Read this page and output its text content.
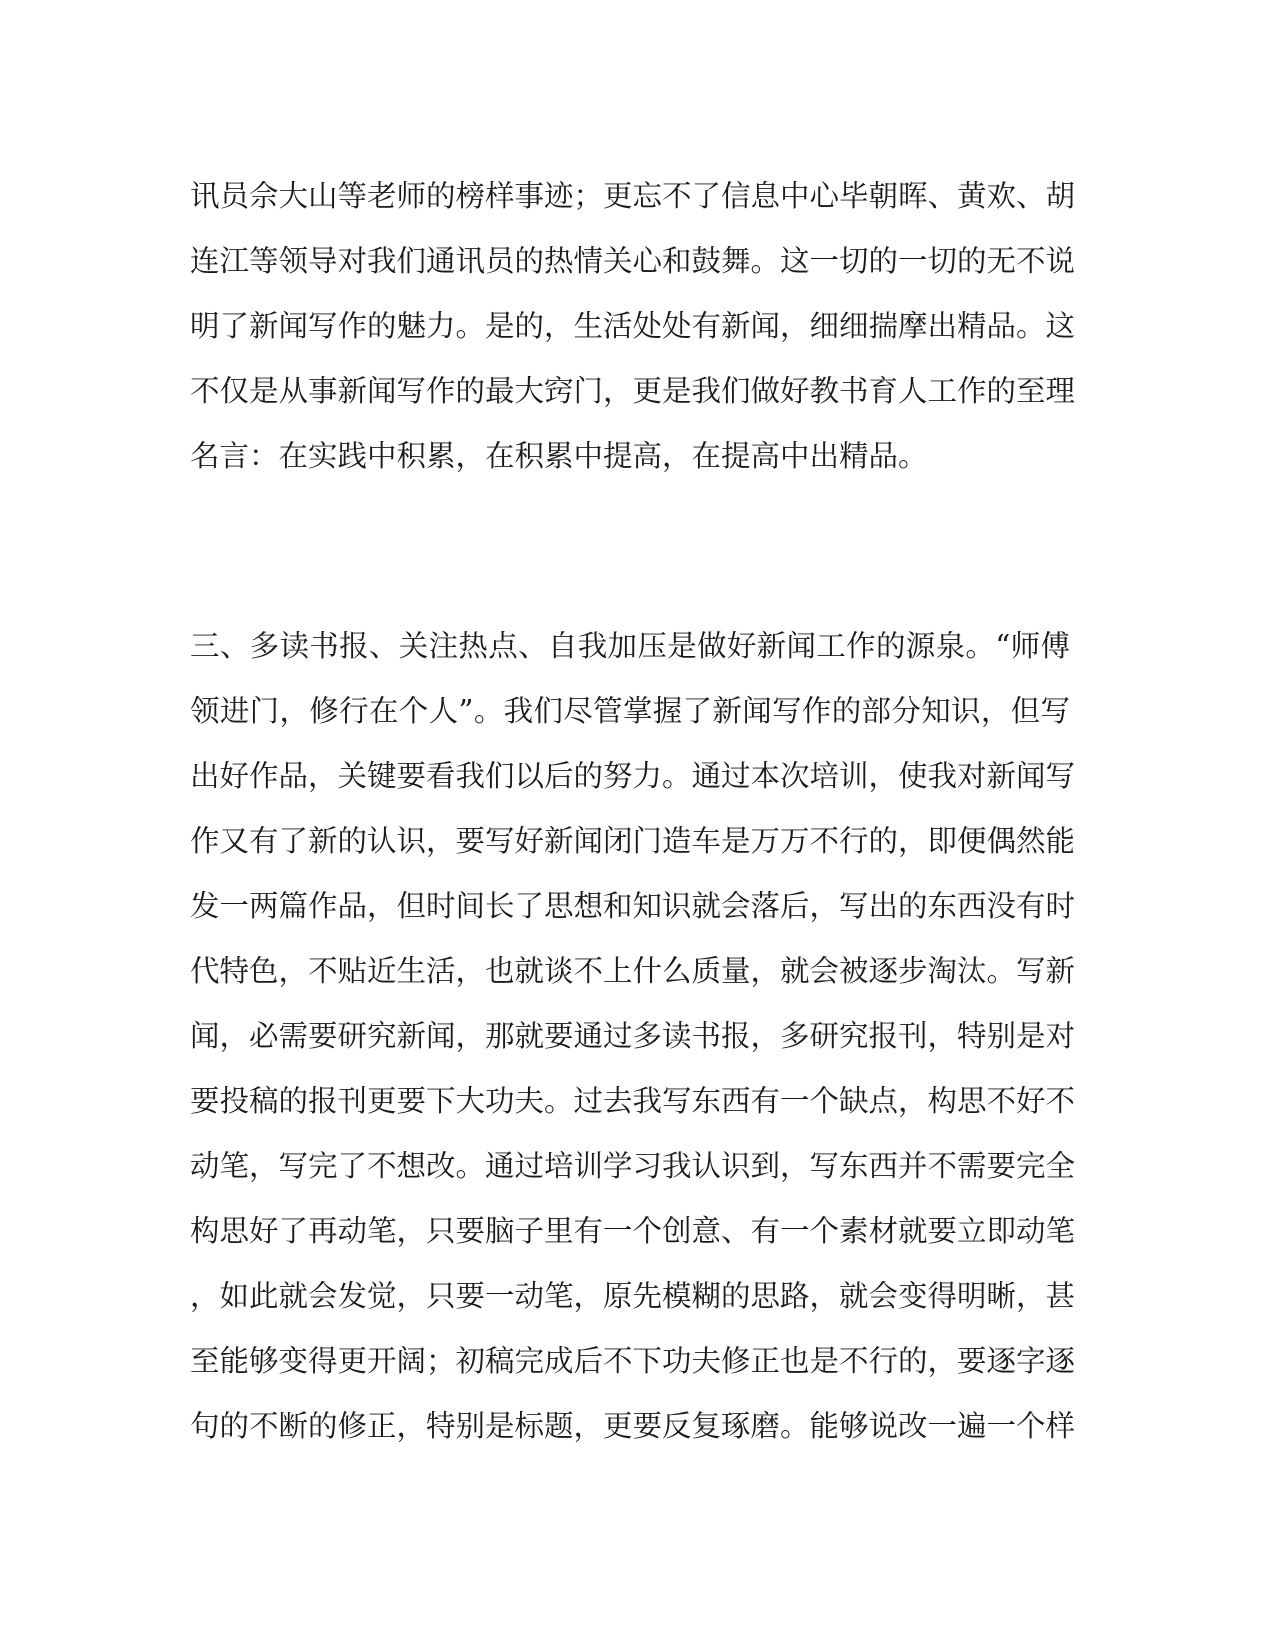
讯员佘大山等老师的榜样事迹；更忘不了信息中心毕朝晖、黄欢、胡
连江等领导对我们通讯员的热情关心和鼓舞。这一切的一切的无不说
明了新闻写作的魅力。是的，生活处处有新闻，细细揣摩出精品。这
不仅是从事新闻写作的最大窍门，更是我们做好教书育人工作的至理
名言：在实践中积累，在积累中提高，在提高中出精品。
三、多读书报、关注热点、自我加压是做好新闻工作的源泉。“师傅
领进门，修行在个人”。我们尽管掌握了新闻写作的部分知识，但写
出好作品，关键要看我们以后的努力。通过本次培训，使我对新闻写
作又有了新的认识，要写好新闻闭门造车是万万不行的，即便偶然能
发一两篇作品，但时间长了思想和知识就会落后，写出的东西没有时
代特色，不贴近生活，也就谈不上什么质量，就会被逐步淘汰。写新
闻，必需要研究新闻，那就要通过多读书报，多研究报刊，特别是对
要投稿的报刊更要下大功夫。过去我写东西有一个缺点，构思不好不
动笔，写完了不想改。通过培训学习我认识到，写东西并不需要完全
构思好了再动笔，只要脑子里有一个创意、有一个素材就要立即动笔
，如此就会发觉，只要一动笔，原先模糊的思路，就会变得明晰，甚
至能够变得更开阔；初稿完成后不下功夫修正也是不行的，要逐字逐
句的不断的修正，特别是标题，更要反复琢磨。能够说改一遍一个样
